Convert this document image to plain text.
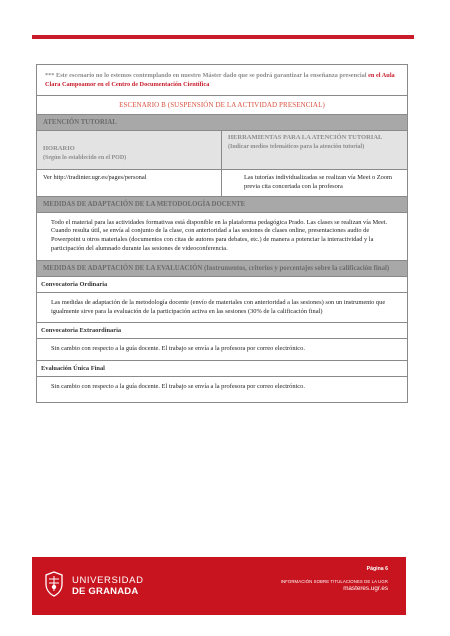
*** Este escenario no lo estemos contemplando en nuestro Máster dado que se podrá garantizar la enseñanza presencial en el Aula Clara Campoamor en el Centro de Documentación Científica
ESCENARIO B (SUSPENSIÓN DE LA ACTIVIDAD PRESENCIAL)
ATENCIÓN TUTORIAL
HORARIO
(Según lo establecido en el POD)
HERRAMIENTAS PARA LA ATENCIÓN TUTORIAL
(Indicar medios telemáticos para la atención tutorial)
Ver http://tradinter.ugr.es/pages/personal	Las tutorías individualizadas se realizan vía Meet o Zoom previa cita concertada con la profesora
MEDIDAS DE ADAPTACIÓN DE LA METODOLOGÍA DOCENTE
Todo el material para las actividades formativas está disponible en la plataforma pedagógica Prado. Las clases se realizan vía Meet. Cuando resulta útil, se envía al conjunto de la clase, con anterioridad a las sesiones de clases online, presentaciones audio de Powerpoint u otros materiales (documentos con citas de autores para debates, etc.) de manera a potenciar la interactividad y la participación del alumnado durante las sesiones de videoconferencia.
MEDIDAS DE ADAPTACIÓN DE LA EVALUACIÓN (Instrumentos, criterios y porcentajes sobre la calificación final)
Convocatoria Ordinaria
Las medidas de adaptación de la metodología docente (envío de materiales con anterioridad a las sesiones) son un instrumento que igualmente sirve para la evaluación de la participación activa en las sesiones (30% de la calificación final)
Convocatoria Extraordinaria
Sin cambio con respecto a la guía docente. El trabajo se envía a la profesora por correo electrónico.
Evaluación Única Final
Sin cambio con respecto a la guía docente. El trabajo se envía a la profesora por correo electrónico.
UNIVERSIDAD
DE GRANADA
Página 6
INFORMACIÓN SOBRE TITULACIONES DE LA UGR
masteres.ugr.es
